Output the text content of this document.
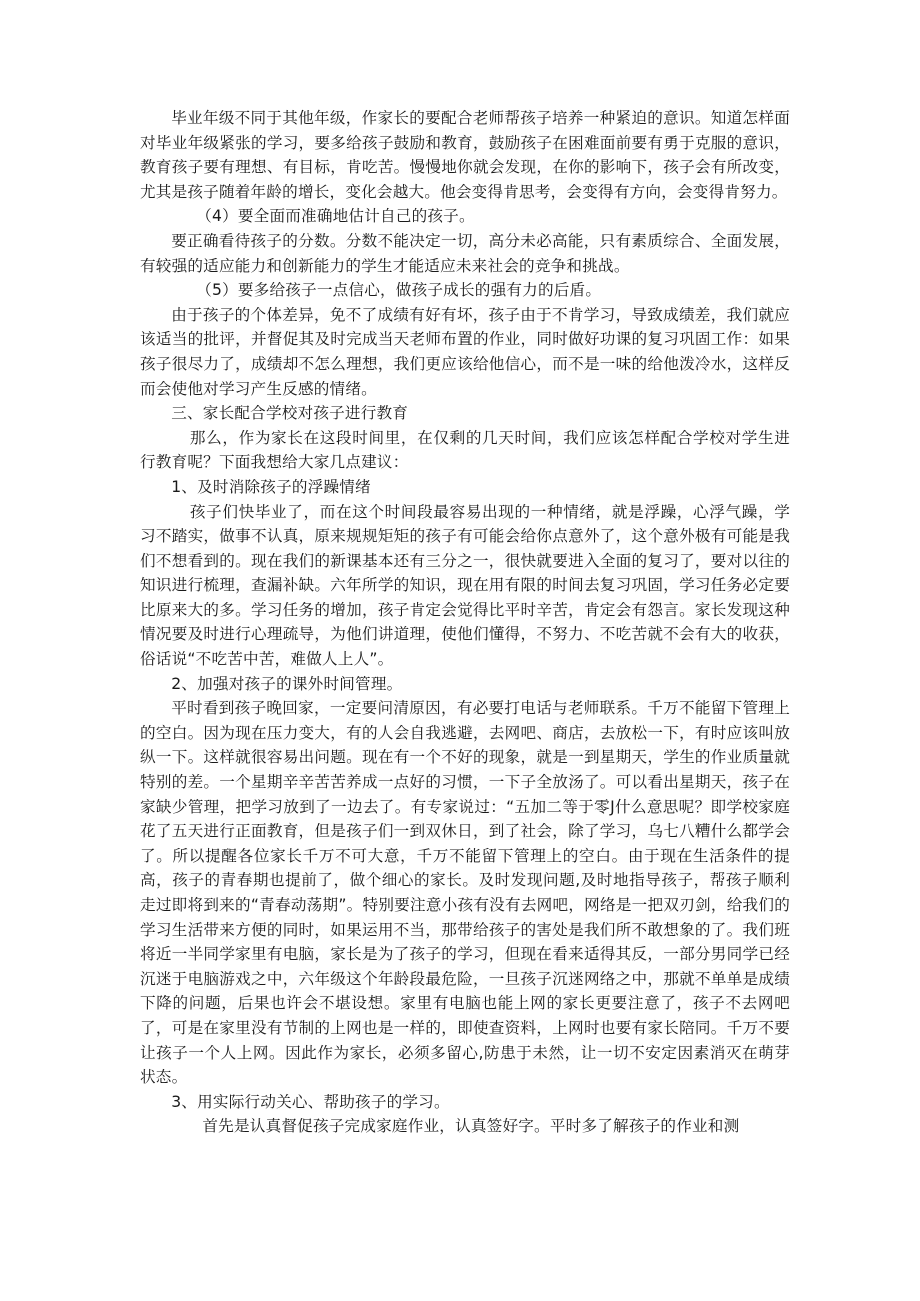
毕业年级不同于其他年级，作家长的要配合老师帮孩子培养一种紧迫的意识。知道怎样面对毕业年级紧张的学习，要多给孩子鼓励和教育，鼓励孩子在困难面前要有勇于克服的意识，教育孩子要有理想、有目标，肯吃苦。慢慢地你就会发现，在你的影响下，孩子会有所改变，尤其是孩子随着年龄的增长，变化会越大。他会变得肯思考，会变得有方向，会变得肯努力。

（4）要全面而准确地估计自己的孩子。

要正确看待孩子的分数。分数不能决定一切，高分未必高能，只有素质综合、全面发展，有较强的适应能力和创新能力的学生才能适应未来社会的竞争和挑战。

（5）要多给孩子一点信心，做孩子成长的强有力的后盾。

由于孩子的个体差异，免不了成绩有好有坏，孩子由于不肯学习，导致成绩差，我们就应该适当的批评，并督促其及时完成当天老师布置的作业，同时做好功课的复习巩固工作：如果孩子很尽力了，成绩却不怎么理想，我们更应该给他信心，而不是一味的给他泼冷水，这样反而会使他对学习产生反感的情绪。

三、家长配合学校对孩子进行教育

那么，作为家长在这段时间里，在仅剩的几天时间，我们应该怎样配合学校对学生进行教育呢？下面我想给大家几点建议：

1、及时消除孩子的浮躁情绪

孩子们快毕业了，而在这个时间段最容易出现的一种情绪，就是浮躁，心浮气躁，学习不踏实，做事不认真，原来规规矩矩的孩子有可能会给你点意外了，这个意外极有可能是我们不想看到的。现在我们的新课基本还有三分之一，很快就要进入全面的复习了，要对以往的知识进行梳理，查漏补缺。六年所学的知识，现在用有限的时间去复习巩固，学习任务必定要比原来大的多。学习任务的增加，孩子肯定会觉得比平时辛苦，肯定会有怨言。家长发现这种情况要及时进行心理疏导，为他们讲道理，使他们懂得，不努力、不吃苦就不会有大的收获，俗话说“不吃苦中苦，难做人上人”。

2、加强对孩子的课外时间管理。

平时看到孩子晚回家，一定要问清原因，有必要打电话与老师联系。千万不能留下管理上的空白。因为现在压力变大，有的人会自我逃避，去网吧、商店，去放松一下，有时应该叫放纵一下。这样就很容易出问题。现在有一个不好的现象，就是一到星期天，学生的作业质量就特别的差。一个星期辛辛苦苦养成一点好的习惯，一下子全放汤了。可以看出星期天，孩子在家缺少管理，把学习放到了一边去了。有专家说过：“五加二等于零J什么意思呢？即学校家庭花了五天进行正面教育，但是孩子们一到双休日，到了社会，除了学习，乌七八糟什么都学会了。所以提醒各位家长千万不可大意，千万不能留下管理上的空白。由于现在生活条件的提高，孩子的青春期也提前了，做个细心的家长。及时发现问题,及时地指导孩子，帮孩子顺利走过即将到来的“青春动荡期”。特别要注意小孩有没有去网吧，网络是一把双刃剑，给我们的学习生活带来方便的同时，如果运用不当，那带给孩子的害处是我们所不敢想象的了。我们班将近一半同学家里有电脑，家长是为了孩子的学习，但现在看来适得其反，一部分男同学已经沉迷于电脑游戏之中，六年级这个年龄段最危险，一旦孩子沉迷网络之中，那就不单单是成绩下降的问题，后果也许会不堪设想。家里有电脑也能上网的家长更要注意了，孩子不去网吧了，可是在家里没有节制的上网也是一样的，即使查资料，上网时也要有家长陪同。千万不要让孩子一个人上网。因此作为家长，必须多留心,防患于未然，让一切不安定因素消灭在萌芽状态。

3、用实际行动关心、帮助孩子的学习。

首先是认真督促孩子完成家庭作业，认真签好字。平时多了解孩子的作业和测
